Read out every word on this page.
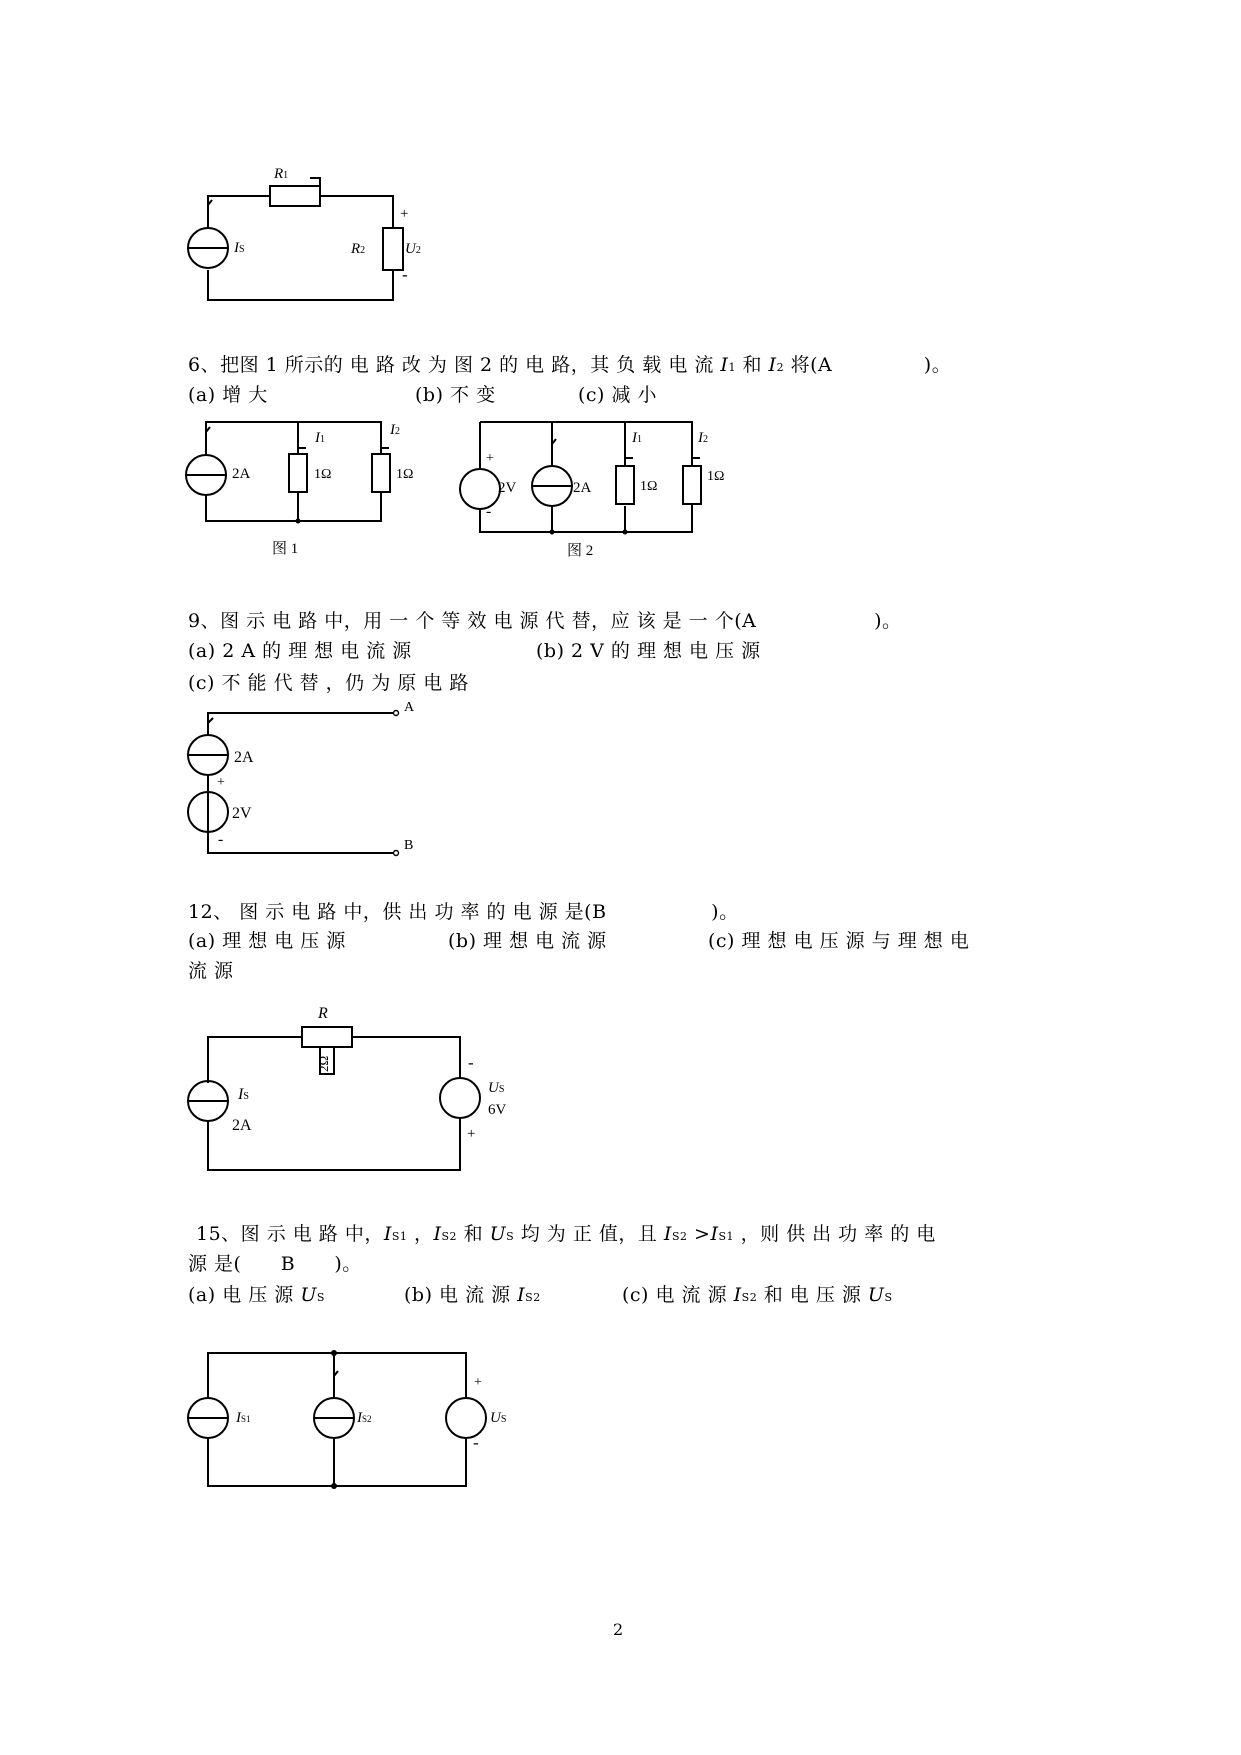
R1
IS	R2	U2
+
-
6、把图 1 所示的 电 路 改 为 图 2 的 电 路，其 负 载 电 流 I1 和 I2 将(A              )。
(a) 增 大	(b) 不 变	(c) 减 小
2A
I1
I2
1Ω	1Ω
图 1
2V	2A
+
-
I1	I2
1Ω
1Ω
图 2
9、图 示 电 路 中，用 一 个 等 效 电 源 代 替，应 该 是 一 个(A                  )。
(a) 2 A 的 理 想 电 流 源	(b) 2 V 的 理 想 电 压 源
(c) 不 能 代 替 ，仍 为 原 电 路
2A
2V
+
-
A
B
12、 图 示 电 路 中，供 出 功 率 的 电 源 是(B                )。
(a) 理 想 电 压 源	(b) 理 想 电 流 源	(c) 理 想 电 压 源 与 理 想 电
流 源
R
2Ω
IS
2A
US
6V
-
+
15、图 示 电 路 中，IS1 ，IS2 和 US 均 为 正 值，且 IS2 >IS1 ，则 供 出 功 率 的 电
源 是(      B      )。
(a) 电 压 源 US	(b) 电 流 源 IS2	(c) 电 流 源 IS2 和 电 压 源 US
IS1	IS2	US
+
-
2
